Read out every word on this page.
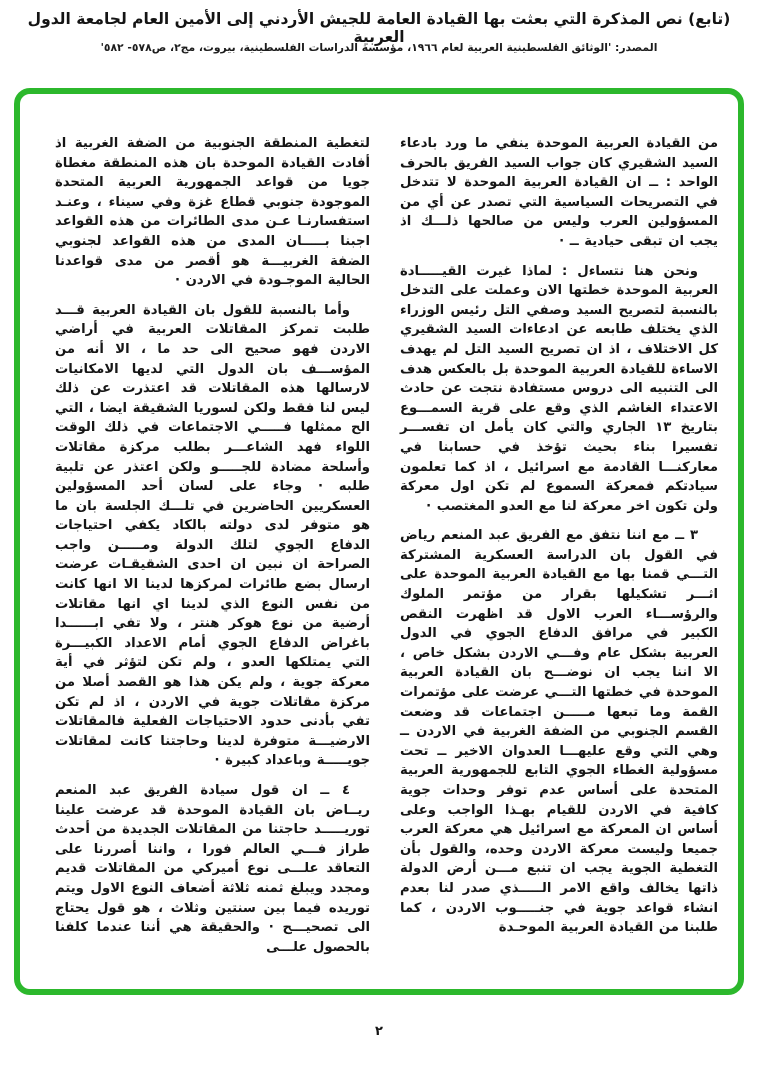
(تابع) نص المذكرة التي بعثت بها القيادة العامة للجيش الأردني إلى الأمين العام لجامعة الدول العربية
المصدر: 'الوثائق الفلسطينية العربية لعام ١٩٦٦، مؤسسة الدراسات الفلسطينية، بيروت، مج٢، ص٥٧٨- ٥٨٢'

من القيادة العربية الموحدة ينفي ما ورد بادعاء السيد الشقيري كان جواب السيد الفريق بالحرف الواحد : ــ ان القيادة العربية الموحدة لا تتدخل في التصريحات السياسية التي تصدر عن أي من المسؤولين العرب وليس من صالحها ذلـــك اذ يجب ان تبقى حيادية ــ ·

ونحن هنا نتساءل : لماذا غيرت القيـــــادة العربية الموحدة خطتها الان وعملت على التدخل بالنسبة لتصريح السيد وصفي التل رئيس الوزراء الذي يختلف طابعه عن ادعاءات السيد الشقيري كل الاختلاف ، اذ ان تصريح السيد التل لم يهدف الاساءة للقيادة العربية الموحدة بل بالعكس هدف الى التنبيه الى دروس مستفادة نتجت عن حادث الاعتداء الغاشم الذي وقع على قرية السمـــوع بتاريخ ١٣ الجاري والتي كان يأمل ان تفســـر تفسيرا بناء بحيث تؤخذ في حسابنا في معاركنـــا القادمة مع اسرائيل ، اذ كما تعلمون سيادتكم فمعركة السموع لم تكن اول معركة ولن تكون اخر معركة لنا مع العدو المغتصب ·

٣ ــ مع اننا نتفق مع الفريق عبد المنعم رياض في القول بان الدراسة العسكرية المشتركة التـــي قمنا بها مع القيادة العربية الموحدة على اثـــر تشكيلها بقرار من مؤتمر الملوك والرؤســـاء العرب الاول قد اظهرت النقص الكبير في مرافق الدفاع الجوي في الدول العربية بشكل عام وفـــي الاردن بشكل خاص ، الا اننا يجب ان نوضـــح بان القيادة العربية الموحدة في خطتها التـــي عرضت على مؤتمرات القمة وما تبعها مـــــن اجتماعات قد وضعت القسم الجنوبي من الضفة الغربية في الاردن ــ وهي التي وقع عليهـــا العدوان الاخير ــ تحت مسؤولية الغطاء الجوي التابع للجمهورية العربية المتحدة على أساس عدم توفر وحدات جوية كافية في الاردن للقيام بهـذا الواجب وعلى أساس ان المعركة مع اسرائيل هي معركة العرب جميعا وليست معركة الاردن وحده، والقول بأن التغطية الجوية يجب ان تنبع مـــن أرض الدولة ذاتها يخالف واقع الامر الـــــذي صدر لنا بعدم انشاء قواعد جوية في جنـــــوب الاردن ، كما طلبنا من القيادة العربية الموحـدة

لتغطية المنطقة الجنوبية من الضفة الغربية اذ أفادت القيادة الموحدة بان هذه المنطقة مغطاة جويا من قواعد الجمهورية العربية المتحدة الموجودة جنوبي قطاع غزة وفي سيناء ، وعنـد استفسارنـا عـن مدى الطائرات من هذه القواعد اجبنا بـــــان المدى من هذه القواعد لجنوبي الضفة الغربيـــة هو أقصر من مدى قواعدنا الحالية الموجـودة في الاردن ·

وأما بالنسبة للقول بان القيادة العربية قـــد طلبت تمركز المقاتلات العربية في أراضي الاردن فهو صحيح الى حد ما ، الا أنه من المؤســـف بان الدول التي لديها الامكانيات لارسالها هذه المقاتلات قد اعتذرت عن ذلك ليس لنا فقط ولكن لسوريا الشقيقة ايضا ، التي الح ممثلها فـــــي الاجتماعات في ذلك الوقت اللواء فهد الشاعـــر بطلب مركزة مقاتلات وأسلحة مضادة للجـــــو ولكن اعتذر عن تلبية طلبه · وجاء على لسان أحد المسؤولين العسكريين الحاضرين في تلـــك الجلسة بان ما هو متوفر لدى دولته بالكاد يكفي احتياجات الدفاع الجوي لتلك الدولة ومـــــن واجب الصراحة ان نبين ان احدى الشقيقـات عرضت ارسال بضع طائرات لمركزها لدينا الا انها كانت من نفس النوع الذي لدينا اي انها مقاتلات أرضية من نوع هوكر هنتر ، ولا تفي ابــــــدا باغراض الدفاع الجوي أمام الاعداد الكبيـــرة التي يمتلكها العدو ، ولم تكن لتؤثر في أية معركة جوية ، ولم يكن هذا هو القصد أصلا من مركزة مقاتلات جوية في الاردن ، اذ لم تكن تفي بأدنى حدود الاحتياجات الفعلية فالمقاتلات الارضيـــة متوفرة لدينا وحاجتنا كانت لمقاتلات جويـــــة وباعداد كبيرة ·

٤ ــ ان قول سيادة الفريق عبد المنعم ريــاض بان القيادة الموحدة قد عرضت علينا توريـــــد حاجتنا من المقاتلات الجديدة من أحدث طراز فـــي العالم فورا ، واننا أصررنا على التعاقد علـــى نوع أميركي من المقاتلات قديم ومجدد ويبلغ ثمنه ثلاثة أضعاف النوع الاول ويتم توريده فيما بين سنتين وثلاث ، هو قول يحتاج الى تصحيـــح · والحقيقة هي أننا عندما كلفنا بالحصول علـــى

٢
